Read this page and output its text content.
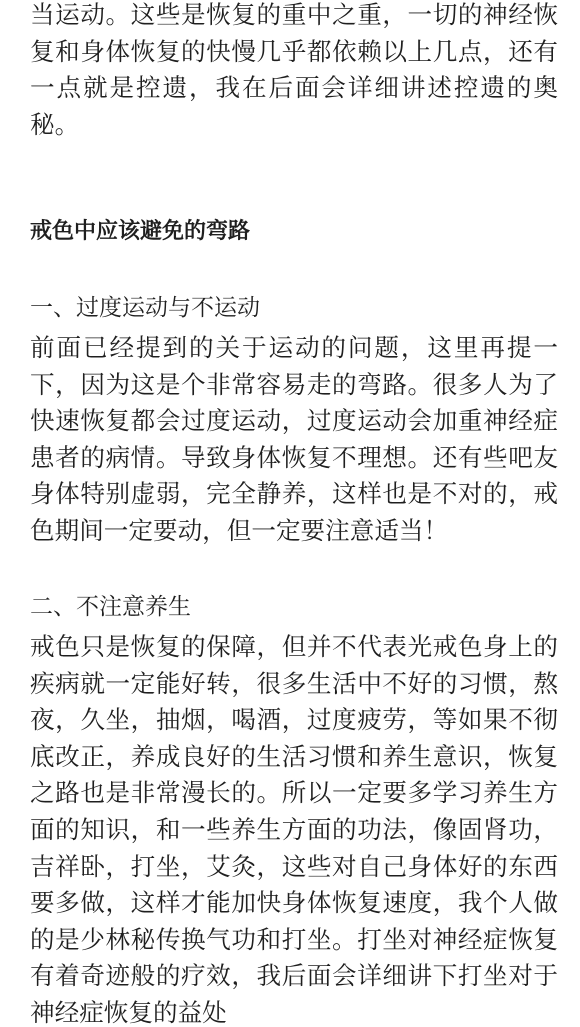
当运动。这些是恢复的重中之重，一切的神经恢
复和身体恢复的快慢几乎都依赖以上几点，还有
一点就是控遗，我在后面会详细讲述控遗的奥
秘。
戒色中应该避免的弯路
一、过度运动与不运动
前面已经提到的关于运动的问题，这里再提一
下，因为这是个非常容易走的弯路。很多人为了
快速恢复都会过度运动，过度运动会加重神经症
患者的病情。导致身体恢复不理想。还有些吧友
身体特别虚弱，完全静养，这样也是不对的，戒
色期间一定要动，但一定要注意适当！
二、不注意养生
戒色只是恢复的保障，但并不代表光戒色身上的
疾病就一定能好转，很多生活中不好的习惯，熬
夜，久坐，抽烟，喝酒，过度疲劳，等如果不彻
底改正，养成良好的生活习惯和养生意识，恢复
之路也是非常漫长的。所以一定要多学习养生方
面的知识，和一些养生方面的功法，像固肾功，
吉祥卧，打坐，艾灸，这些对自己身体好的东西
要多做，这样才能加快身体恢复速度，我个人做
的是少林秘传换气功和打坐。打坐对神经症恢复
有着奇迹般的疗效，我后面会详细讲下打坐对于
神经症恢复的益处
